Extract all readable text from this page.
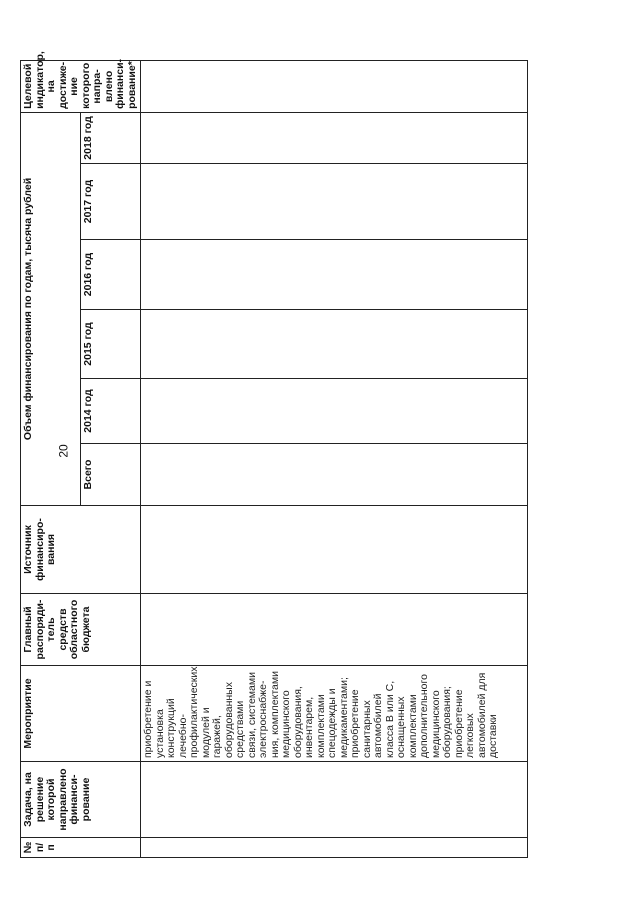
20
№ п/п	Задача, на решение которой направлено финанси-рование	Мероприятие	Главный распоряди-тель средств областного бюджета	Источник финансиро-вания	Объем финансирования по годам, тысяча рублей						Целевой индикатор, на достиже-ние которого напра-влено финанси-рование*
					Всего	2014 год	2015 год	2016 год	2017 год	2018 год	
		приобретение и установка конструкций лечебно-профилактических модулей и гаражей, оборудованных средствами связи, системами электроснабже-ния, комплектами медицинского оборудования, инвентарем, комплектами спецодежды и медикаментами; приобретение санитарных автомобилей класса В или С, оснащенных комплектами дополнительного медицинского оборудования; приобретение легковых автомобилей для доставки									
